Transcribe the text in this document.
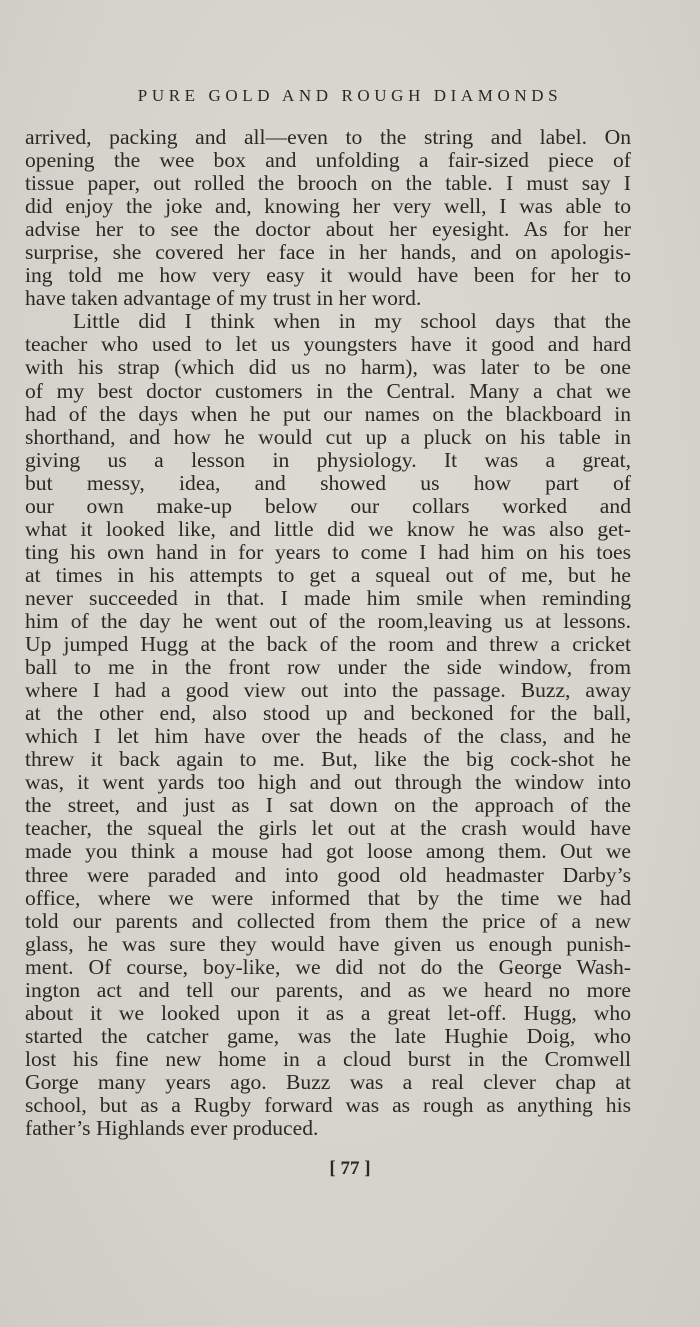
PURE GOLD AND ROUGH DIAMONDS
arrived, packing and all—even to the string and label. On
opening the wee box and unfolding a fair-sized piece of
tissue paper, out rolled the brooch on the table. I must say I
did enjoy the joke and, knowing her very well, I was able to
advise her to see the doctor about her eyesight. As for her
surprise, she covered her face in her hands, and on apologis-
ing told me how very easy it would have been for her to
have taken advantage of my trust in her word.
Little did I think when in my school days that the
teacher who used to let us youngsters have it good and hard
with his strap (which did us no harm), was later to be one
of my best doctor customers in the Central. Many a chat we
had of the days when he put our names on the blackboard in
shorthand, and how he would cut up a pluck on his table in
giving us a lesson in physiology. It was a great,
but messy, idea, and showed us how part of
our own make-up below our collars worked and
what it looked like, and little did we know he was also get-
ting his own hand in for years to come I had him on his toes
at times in his attempts to get a squeal out of me, but he
never succeeded in that. I made him smile when reminding
him of the day he went out of the room,leaving us at lessons.
Up jumped Hugg at the back of the room and threw a cricket
ball to me in the front row under the side window, from
where I had a good view out into the passage. Buzz, away
at the other end, also stood up and beckoned for the ball,
which I let him have over the heads of the class, and he
threw it back again to me. But, like the big cock-shot he
was, it went yards too high and out through the window into
the street, and just as I sat down on the approach of the
teacher, the squeal the girls let out at the crash would have
made you think a mouse had got loose among them. Out we
three were paraded and into good old headmaster Darby’s
office, where we were informed that by the time we had
told our parents and collected from them the price of a new
glass, he was sure they would have given us enough punish-
ment. Of course, boy-like, we did not do the George Wash-
ington act and tell our parents, and as we heard no more
about it we looked upon it as a great let-off. Hugg, who
started the catcher game, was the late Hughie Doig, who
lost his fine new home in a cloud burst in the Cromwell
Gorge many years ago. Buzz was a real clever chap at
school, but as a Rugby forward was as rough as anything his
father’s Highlands ever produced.
[ 77 ]
